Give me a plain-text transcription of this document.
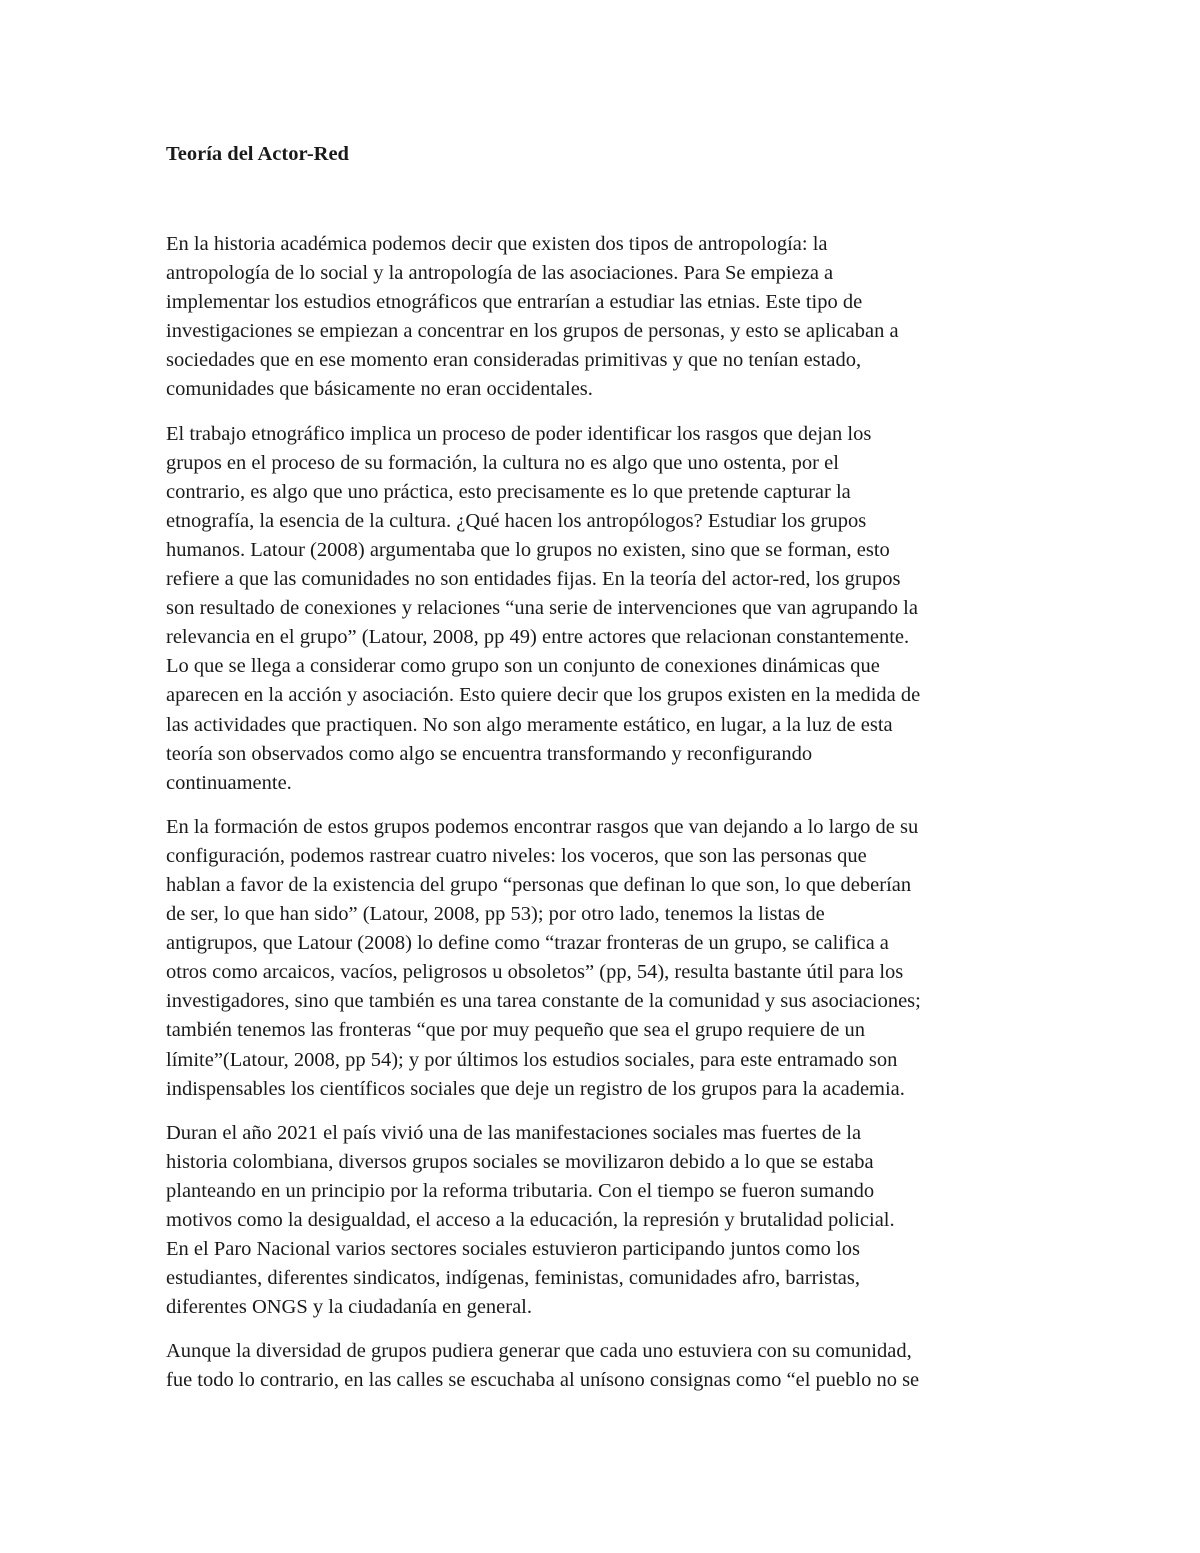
Teoría del Actor-Red

En la historia académica podemos decir que existen dos tipos de antropología: la
antropología de lo social y la antropología de las asociaciones. Para Se empieza a
implementar los estudios etnográficos que entrarían a estudiar las etnias. Este tipo de
investigaciones se empiezan a concentrar en los grupos de personas, y esto se aplicaban a
sociedades que en ese momento eran consideradas primitivas y que no tenían estado,
comunidades que básicamente no eran occidentales.

El trabajo etnográfico implica un proceso de poder identificar los rasgos que dejan los
grupos en el proceso de su formación, la cultura no es algo que uno ostenta, por el
contrario, es algo que uno práctica, esto precisamente es lo que pretende capturar la
etnografía, la esencia de la cultura. ¿Qué hacen los antropólogos? Estudiar los grupos
humanos. Latour (2008) argumentaba que lo grupos no existen, sino que se forman, esto
refiere a que las comunidades no son entidades fijas. En la teoría del actor-red, los grupos
son resultado de conexiones y relaciones “una serie de intervenciones que van agrupando la
relevancia en el grupo” (Latour, 2008, pp 49) entre actores que relacionan constantemente.
Lo que se llega a considerar como grupo son un conjunto de conexiones dinámicas que
aparecen en la acción y asociación. Esto quiere decir que los grupos existen en la medida de
las actividades que practiquen. No son algo meramente estático, en lugar, a la luz de esta
teoría son observados como algo se encuentra transformando y reconfigurando
continuamente.

En la formación de estos grupos podemos encontrar rasgos que van dejando a lo largo de su
configuración, podemos rastrear cuatro niveles: los voceros, que son las personas que
hablan a favor de la existencia del grupo “personas que definan lo que son, lo que deberían
de ser, lo que han sido” (Latour, 2008, pp 53); por otro lado, tenemos la listas de
antigrupos, que Latour (2008) lo define como “trazar fronteras de un grupo, se califica a
otros como arcaicos, vacíos, peligrosos u obsoletos” (pp, 54), resulta bastante útil para los
investigadores, sino que también es una tarea constante de la comunidad y sus asociaciones;
también tenemos las fronteras “que por muy pequeño que sea el grupo requiere de un
límite”(Latour, 2008, pp 54); y por últimos los estudios sociales, para este entramado son
indispensables los científicos sociales que deje un registro de los grupos para la academia.

Duran el año 2021 el país vivió una de las manifestaciones sociales mas fuertes de la
historia colombiana, diversos grupos sociales se movilizaron debido a lo que se estaba
planteando en un principio por la reforma tributaria. Con el tiempo se fueron sumando
motivos como la desigualdad, el acceso a la educación, la represión y brutalidad policial.
En el Paro Nacional varios sectores sociales estuvieron participando juntos como los
estudiantes, diferentes sindicatos, indígenas, feministas, comunidades afro, barristas,
diferentes ONGS y la ciudadanía en general.

Aunque la diversidad de grupos pudiera generar que cada uno estuviera con su comunidad,
fue todo lo contrario, en las calles se escuchaba al unísono consignas como “el pueblo no se
